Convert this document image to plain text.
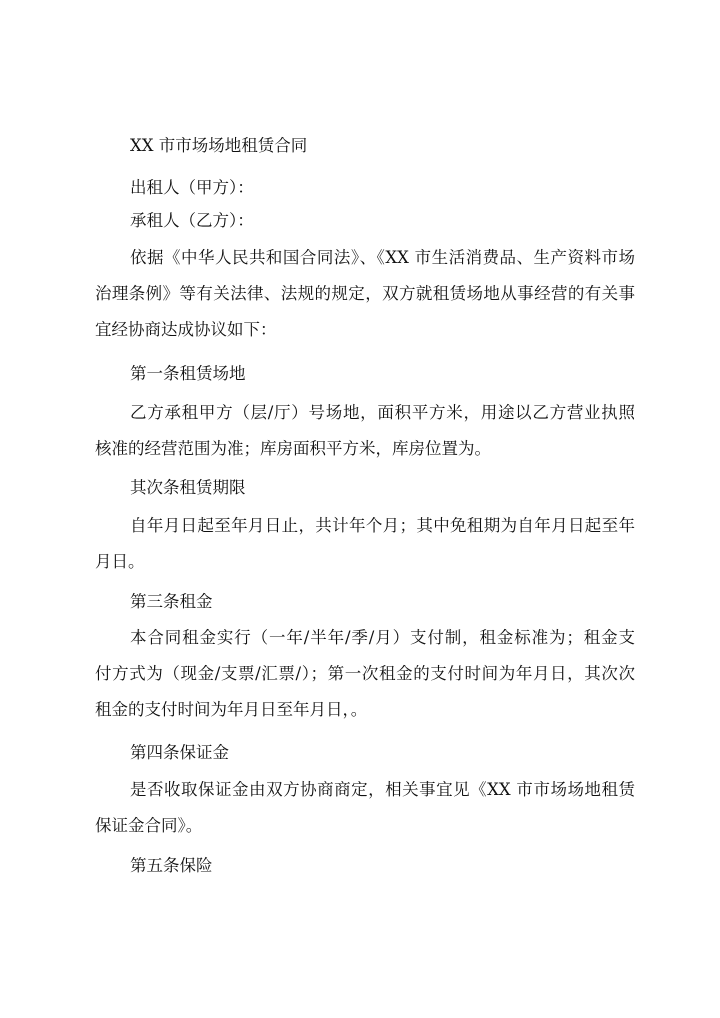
XX 市市场场地租赁合同

出租人（甲方）：

承租人（乙方）：

依据《中华人民共和国合同法》、《XX 市生活消费品、生产资料市场
治理条例》等有关法律、法规的规定，双方就租赁场地从事经营的有关事
宜经协商达成协议如下：

第一条租赁场地

乙方承租甲方（层/厅）号场地，面积平方米，用途以乙方营业执照
核准的经营范围为准；库房面积平方米，库房位置为。

其次条租赁期限

自年月日起至年月日止，共计年个月；其中免租期为自年月日起至年
月日。

第三条租金

本合同租金实行（一年/半年/季/月）支付制，租金标准为；租金支
付方式为（现金/支票/汇票/）；第一次租金的支付时间为年月日，其次次
租金的支付时间为年月日至年月日，。

第四条保证金

是否收取保证金由双方协商商定，相关事宜见《XX 市市场场地租赁
保证金合同》。

第五条保险
